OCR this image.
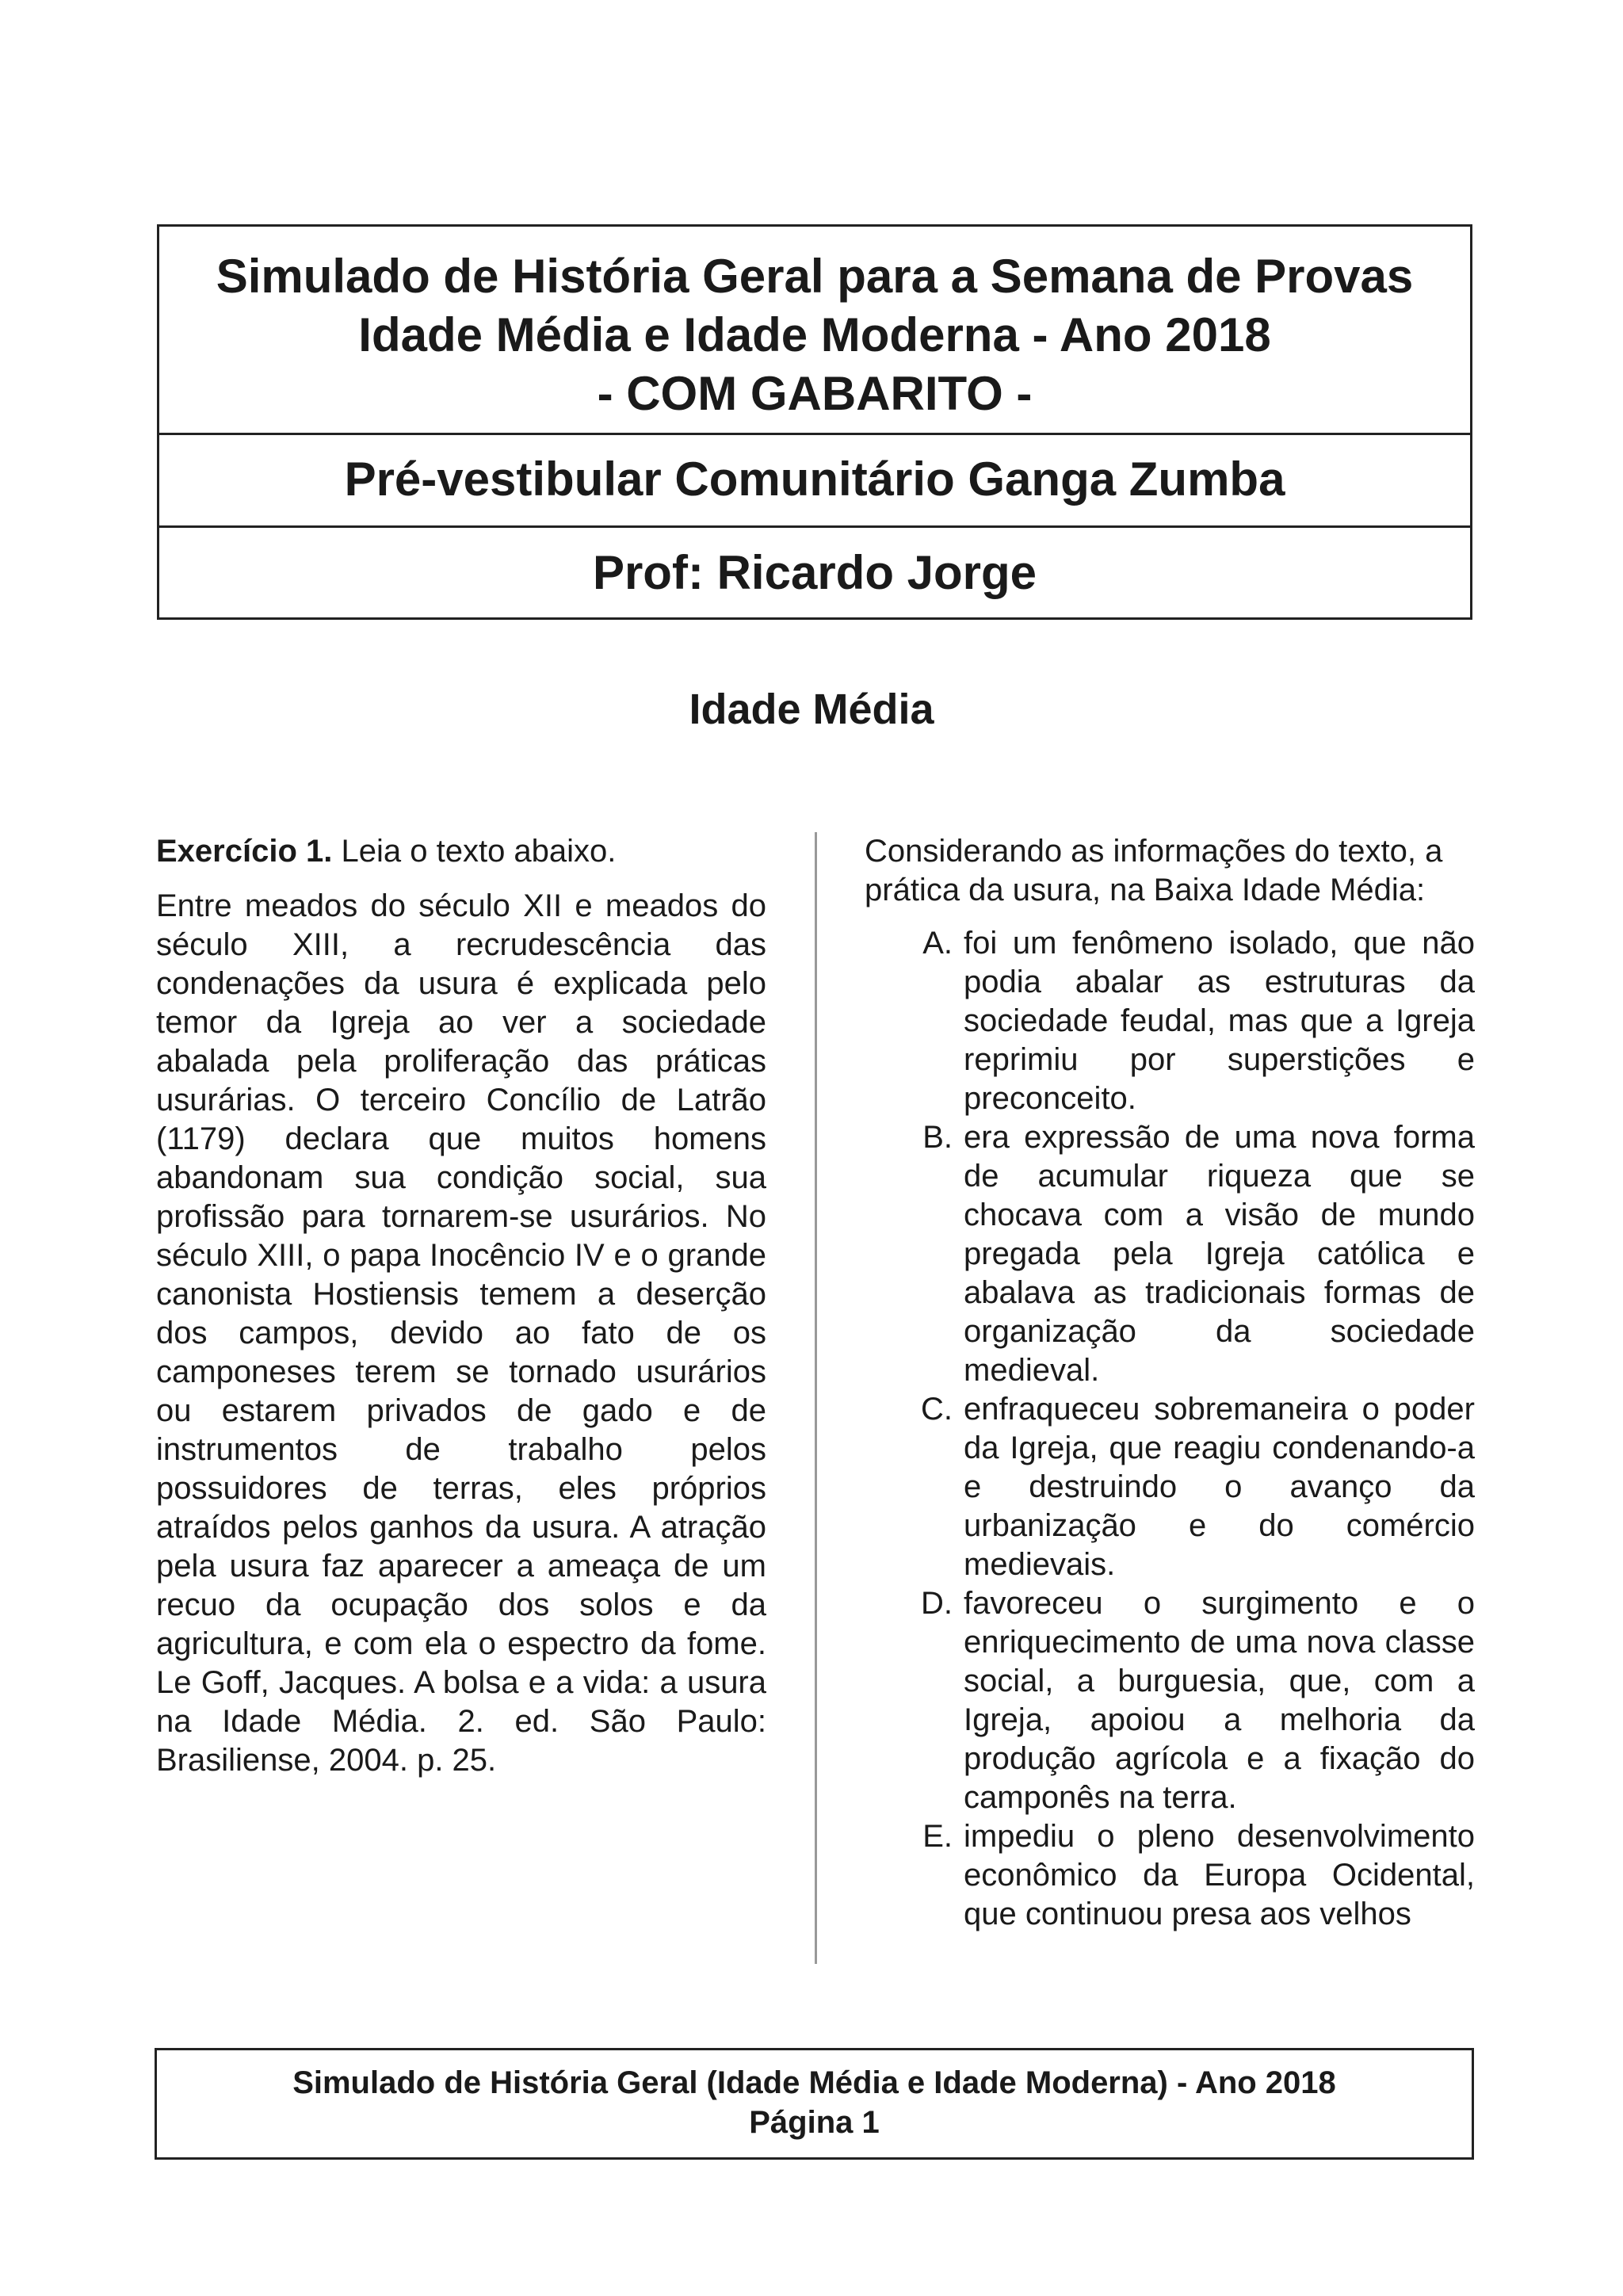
Simulado de História Geral para a Semana de Provas
Idade Média e Idade Moderna - Ano 2018
- COM GABARITO -
Pré-vestibular Comunitário Ganga Zumba
Prof: Ricardo Jorge
Idade Média

Exercício 1. Leia o texto abaixo.

Entre meados do século XII e meados do século XIII, a recrudescência das condenações da usura é explicada pelo temor da Igreja ao ver a sociedade abalada pela proliferação das práticas usurárias. O terceiro Concílio de Latrão (1179) declara que muitos homens abandonam sua condição social, sua profissão para tornarem-se usurários. No século XIII, o papa Inocêncio IV e o grande canonista Hostiensis temem a deserção dos campos, devido ao fato de os camponeses terem se tornado usurários ou estarem privados de gado e de instrumentos de trabalho pelos possuidores de terras, eles próprios atraídos pelos ganhos da usura. A atração pela usura faz aparecer a ameaça de um recuo da ocupação dos solos e da agricultura, e com ela o espectro da fome. Le Goff, Jacques. A bolsa e a vida: a usura na Idade Média. 2. ed. São Paulo: Brasiliense, 2004. p. 25.

Considerando as informações do texto, a prática da usura, na Baixa Idade Média:

A. foi um fenômeno isolado, que não podia abalar as estruturas da sociedade feudal, mas que a Igreja reprimiu por superstições e preconceito.
B. era expressão de uma nova forma de acumular riqueza que se chocava com a visão de mundo pregada pela Igreja católica e abalava as tradicionais formas de organização da sociedade medieval.
C. enfraqueceu sobremaneira o poder da Igreja, que reagiu condenando-a e destruindo o avanço da urbanização e do comércio medievais.
D. favoreceu o surgimento e o enriquecimento de uma nova classe social, a burguesia, que, com a Igreja, apoiou a melhoria da produção agrícola e a fixação do camponês na terra.
E. impediu o pleno desenvolvimento econômico da Europa Ocidental, que continuou presa aos velhos
Simulado de História Geral (Idade Média e Idade Moderna) - Ano 2018
Página 1
